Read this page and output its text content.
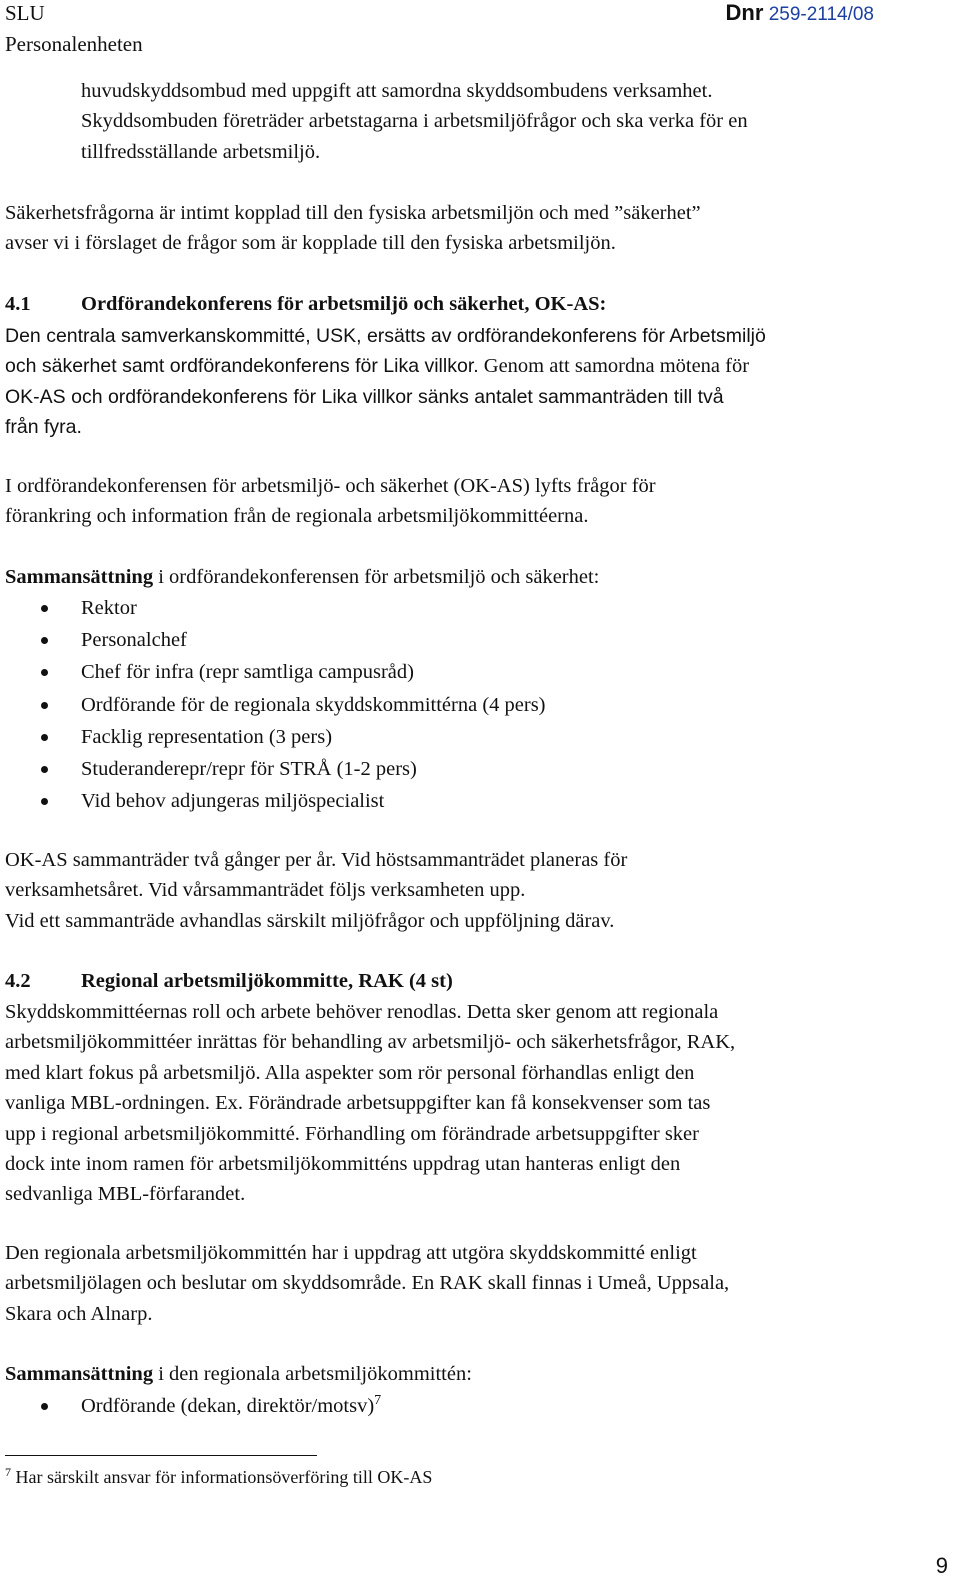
SLU
Personalenheten
Dnr 259-2114/08
huvudskyddsombud med uppgift att samordna skyddsombudens verksamhet.
Skyddsombuden företräder arbetstagarna i arbetsmiljöfrågor och ska verka för en
tillfredsställande arbetsmiljö.
Säkerhetsfrågorna är intimt kopplad till den fysiska arbetsmiljön och med ”säkerhet”
avser vi i förslaget de frågor som är kopplade till den fysiska arbetsmiljön.
4.1 Ordförandekonferens för arbetsmiljö och säkerhet, OK-AS:
Den centrala samverkanskommitté, USK, ersätts av ordförandekonferens för Arbetsmiljö
och säkerhet samt ordförandekonferens för Lika villkor. Genom att samordna mötena för
OK-AS och ordförandekonferens för Lika villkor sänks antalet sammanträden till två
från fyra.
I ordförandekonferensen för arbetsmiljö- och säkerhet (OK-AS) lyfts frågor för
förankring och information från de regionala arbetsmiljökommittéerna.
Sammansättning i ordförandekonferensen för arbetsmiljö och säkerhet:
Rektor
Personalchef
Chef för infra (repr samtliga campusråd)
Ordförande för de regionala skyddskommittérna (4 pers)
Facklig representation (3 pers)
Studeranderepr/repr för STRÅ (1-2 pers)
Vid behov adjungeras miljöspecialist
OK-AS sammanträder två gånger per år. Vid höstsammanträdet planeras för
verksamhetsåret. Vid vårsammanträdet följs verksamheten upp.
Vid ett sammanträde avhandlas särskilt miljöfrågor och uppföljning därav.
4.2 Regional arbetsmiljökommitte, RAK (4 st)
Skyddskommittéernas roll och arbete behöver renodlas. Detta sker genom att regionala
arbetsmiljökommittéer inrättas för behandling av arbetsmiljö- och säkerhetsfrågor, RAK,
med klart fokus på arbetsmiljö. Alla aspekter som rör personal förhandlas enligt den
vanliga MBL-ordningen. Ex. Förändrade arbetsuppgifter kan få konsekvenser som tas
upp i regional arbetsmiljökommitté. Förhandling om förändrade arbetsuppgifter sker
dock inte inom ramen för arbetsmiljökommitténs uppdrag utan hanteras enligt den
sedvanliga MBL-förfarandet.
Den regionala arbetsmiljökommittén har i uppdrag att utgöra skyddskommitté enligt
arbetsmiljölagen och beslutar om skyddsområde. En RAK skall finnas i Umeå, Uppsala,
Skara och Alnarp.
Sammansättning i den regionala arbetsmiljökommittén:
Ordförande (dekan, direktör/motsv)$^7$
$^7$ Har särskilt ansvar för informationsöverföring till OK-AS
9
